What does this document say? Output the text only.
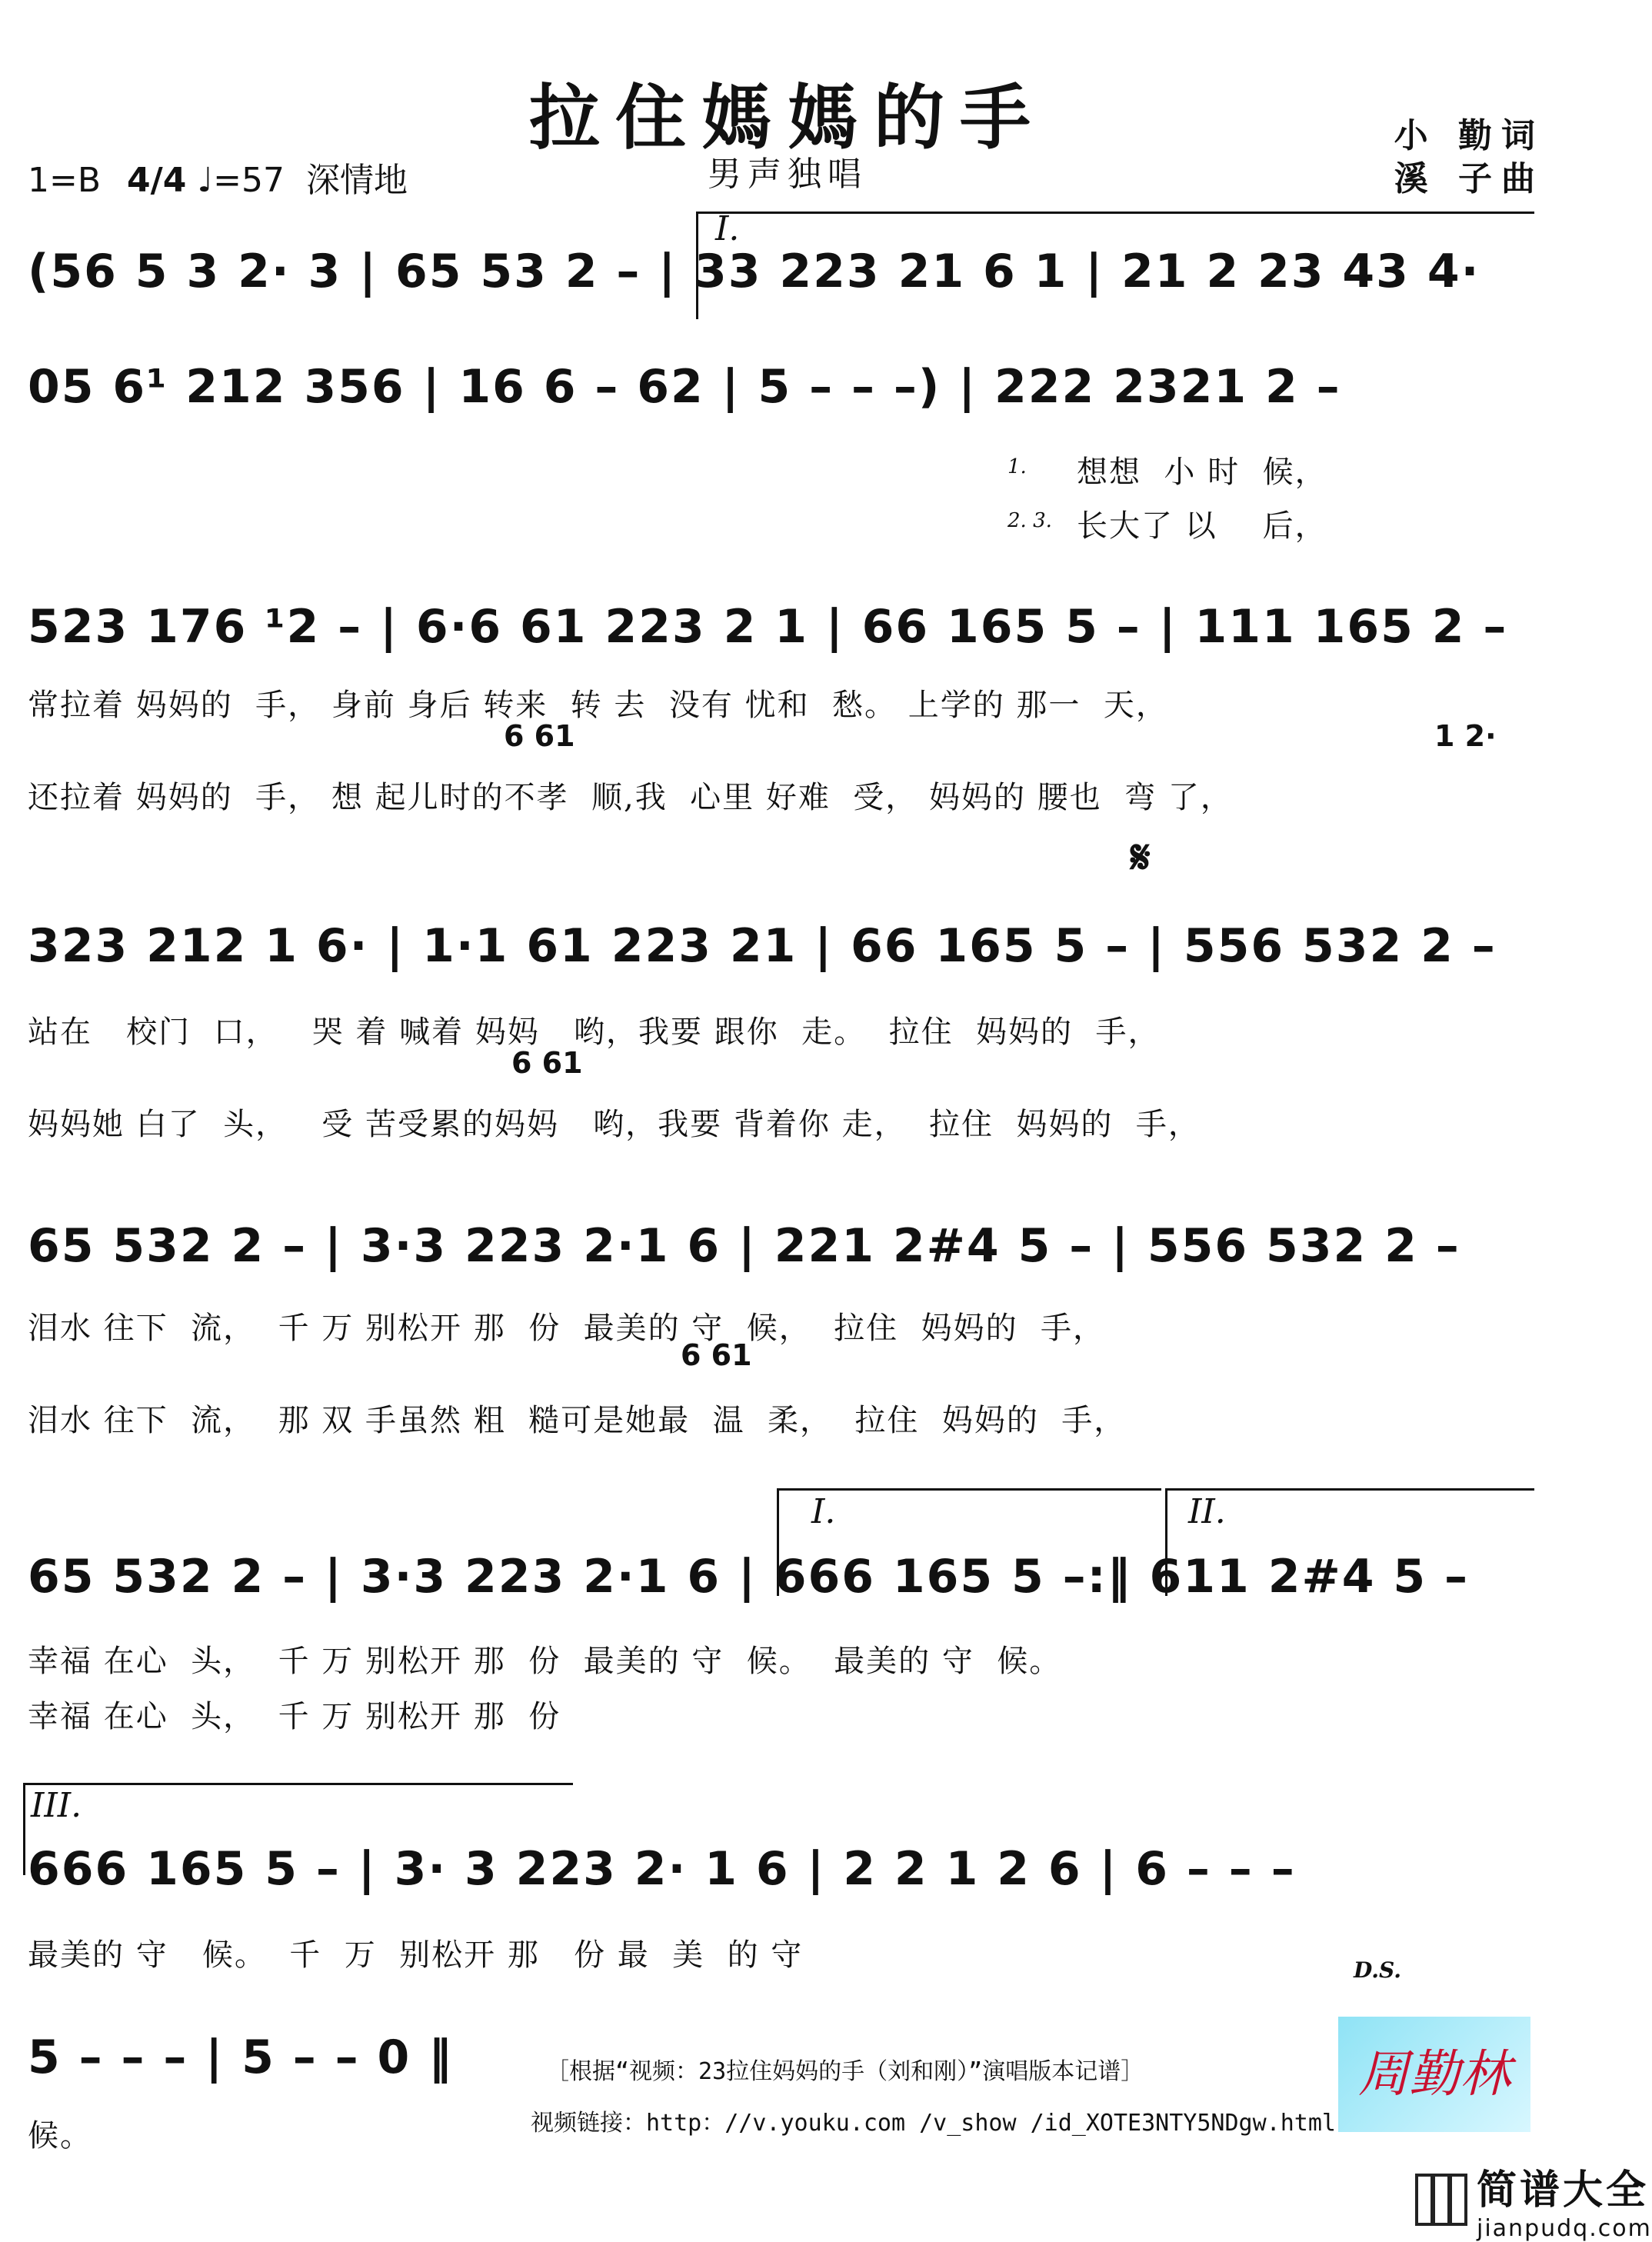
拉住媽媽的手
男声独唱
1=B 4/4 ♩=57 深情地
小 勤词
溪 子曲
I.
(56 5 3 2· 3 | 65 53 2 – | 33 223 21 6 1 | 21 2 23 43 4·
05 6¹ 212 356 | 16 6 – 62 | 5 – – –) | 222 2321 2 –
1. 想想  小 时  候，
2. 3. 长大了 以    后，
523 176 ¹2 – | 6·6 61 223 2 1 | 66 165 5 – | 111 165 2 –
常拉着 妈妈的  手， 身前 身后 转来  转 去  没有 忧和  愁。 上学的 那一  天，
6 61	1 2·
还拉着 妈妈的  手， 想 起儿时的不孝  顺,我  心里 好难  受， 妈妈的 腰也  弯 了，
𝄋
323 212 1 6· | 1·1 61 223 21 | 66 165 5 – | 556 532 2 –
站在   校门  口，   哭 着 喊着 妈妈   哟，我要 跟你  走。  拉住  妈妈的  手，
6 61
妈妈她 白了  头，   受 苦受累的妈妈   哟，我要 背着你 走，  拉住  妈妈的  手，
65 532 2 – | 3·3 223 2·1 6 | 221 2#4 5 – | 556 532 2 –
泪水 往下  流，  千 万 别松开 那  份  最美的 守  候，  拉住  妈妈的  手，
6 61
泪水 往下  流，  那 双 手虽然 粗  糙可是她最  温  柔，  拉住  妈妈的  手，
I.	II.
65 532 2 – | 3·3 223 2·1 6 | 666 165 5 –:‖ 611 2#4 5 –
幸福 在心  头，  千 万 别松开 那  份  最美的 守  候。  最美的 守  候。
幸福 在心  头，  千 万 别松开 那  份
III.
666 165 5 – | 3· 3 223 2· 1 6 | 2 2 1 2 6 | 6 – – –
最美的 守   候。  千  万  别松开 那   份 最  美  的 守	D.S.
5 – – – | 5 – – 0 ‖
候。
［根据“视频：23拉住妈妈的手（刘和刚）”演唱版本记谱］
视频链接：http：//v.youku.com /v_show /id_XOTE3NTY5NDgw.html
周勤林
简谱大全
jianpudq.com
